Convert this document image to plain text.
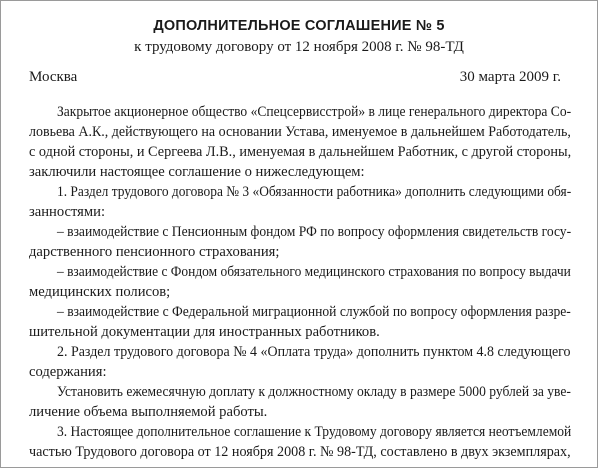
ДОПОЛНИТЕЛЬНОЕ СОГЛАШЕНИЕ № 5
к трудовому договору от 12 ноября 2008 г. № 98-ТД
Москва	30 марта 2009 г.
Закрытое акционерное общество «Спецсервисстрой» в лице генерального директора Со-
ловьева А.К., действующего на основании Устава, именуемое в дальнейшем Работодатель,
с одной стороны, и Сергеева Л.В., именуемая в дальнейшем Работник, с другой стороны,
заключили настоящее соглашение о нижеследующем:
1. Раздел трудового договора № 3 «Обязанности работника» дополнить следующими обя-
занностями:
– взаимодействие с Пенсионным фондом РФ по вопросу оформления свидетельств госу-
дарственного пенсионного страхования;
– взаимодействие с Фондом обязательного медицинского страхования по вопросу выдачи
медицинских полисов;
– взаимодействие с Федеральной миграционной службой по вопросу оформления разре-
шительной документации для иностранных работников.
2. Раздел трудового договора № 4 «Оплата труда» дополнить пунктом 4.8 следующего
содержания:
Установить ежемесячную доплату к должностному окладу в размере 5000 рублей за уве-
личение объема выполняемой работы.
3. Настоящее дополнительное соглашение к Трудовому договору является неотъемлемой
частью Трудового договора от 12 ноября 2008 г. № 98-ТД, составлено в двух экземплярах,
